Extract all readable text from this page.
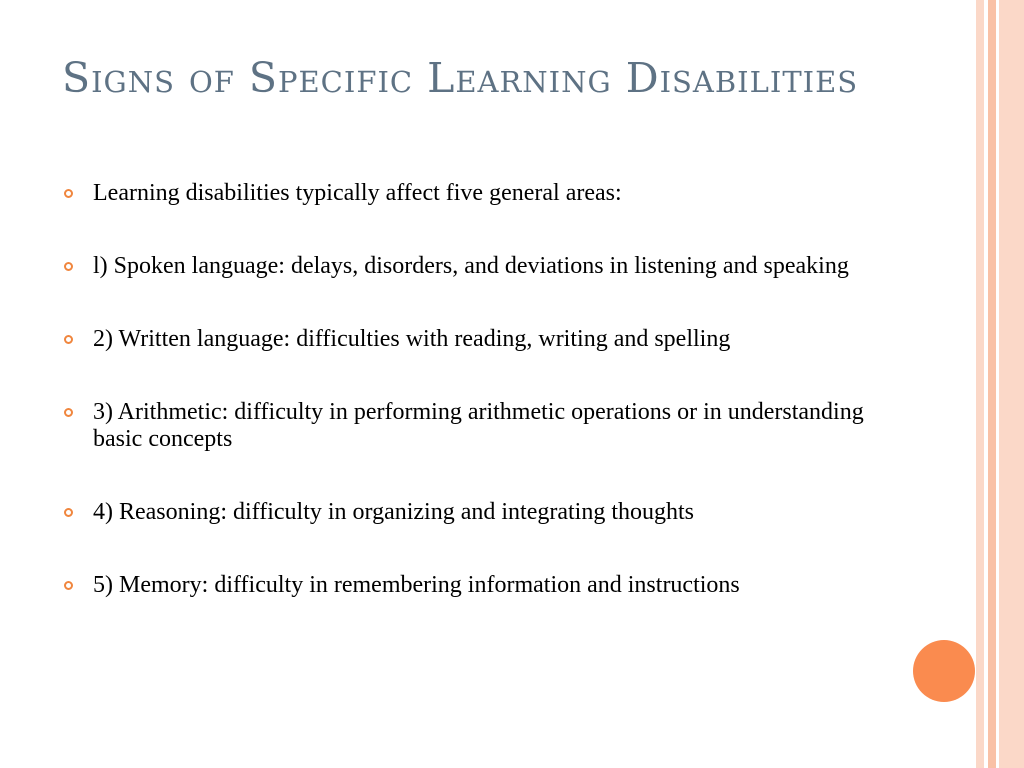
Signs of Specific Learning Disabilities
Learning disabilities typically affect five general areas:
l) Spoken language: delays, disorders, and deviations in listening and speaking
2) Written language: difficulties with reading, writing and spelling
3) Arithmetic: difficulty in performing arithmetic operations or in understanding basic concepts
4) Reasoning: difficulty in organizing and integrating thoughts
5) Memory: difficulty in remembering information and instructions
